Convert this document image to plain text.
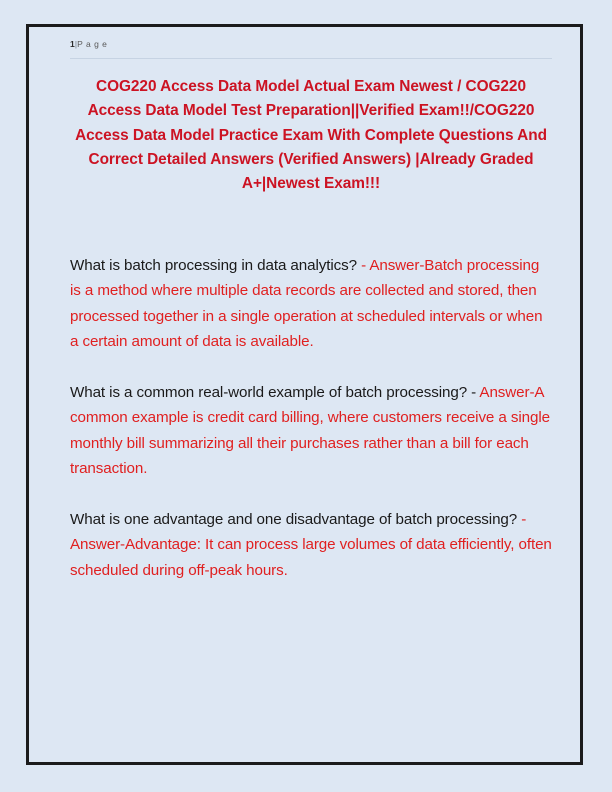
1|P a g e
COG220 Access Data Model Actual Exam Newest / COG220 Access Data Model Test Preparation||Verified Exam!!/COG220 Access Data Model Practice Exam With Complete Questions And Correct Detailed Answers (Verified Answers) |Already Graded A+|Newest Exam!!!
What is batch processing in data analytics? - Answer-Batch processing is a method where multiple data records are collected and stored, then processed together in a single operation at scheduled intervals or when a certain amount of data is available.
What is a common real-world example of batch processing? - Answer-A common example is credit card billing, where customers receive a single monthly bill summarizing all their purchases rather than a bill for each transaction.
What is one advantage and one disadvantage of batch processing? - Answer-Advantage: It can process large volumes of data efficiently, often scheduled during off-peak hours.
